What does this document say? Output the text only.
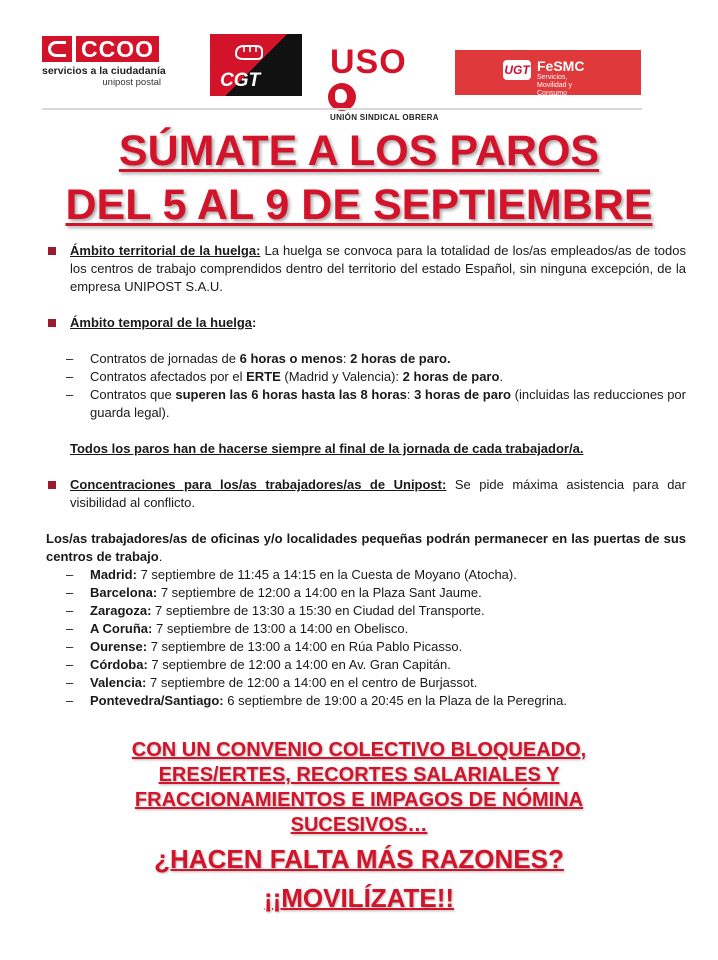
CCOO
servicios a la ciudadanía
unipost postal	CGT USO
UNIÓN SINDICAL OBRERA
UGT FeSMC
Servicios, Movilidad y Consumo
SÚMATE A LOS PAROS
DEL 5 AL 9 DE SEPTIEMBRE
Ámbito territorial de la huelga: La huelga se convoca para la totalidad de los/as empleados/as de todos los centros de trabajo comprendidos dentro del territorio del estado Español, sin ninguna excepción, de la empresa UNIPOST S.A.U.
Ámbito temporal de la huelga:
– Contratos de jornadas de 6 horas o menos: 2 horas de paro.
– Contratos afectados por el ERTE (Madrid y Valencia): 2 horas de paro.
– Contratos que superen las 6 horas hasta las 8 horas: 3 horas de paro (incluidas las reducciones por guarda legal).
Todos los paros han de hacerse siempre al final de la jornada de cada trabajador/a.
Concentraciones para los/as trabajadores/as de Unipost: Se pide máxima asistencia para dar visibilidad al conflicto.
Los/as trabajadores/as de oficinas y/o localidades pequeñas podrán permanecer en las puertas de sus centros de trabajo.
– Madrid: 7 septiembre de 11:45 a 14:15 en la Cuesta de Moyano (Atocha).
– Barcelona: 7 septiembre de 12:00 a 14:00 en la Plaza Sant Jaume.
– Zaragoza: 7 septiembre de 13:30 a 15:30 en Ciudad del Transporte.
– A Coruña: 7 septiembre de 13:00 a 14:00 en Obelisco.
– Ourense: 7 septiembre de 13:00 a 14:00 en Rúa Pablo Picasso.
– Córdoba: 7 septiembre de 12:00 a 14:00 en Av. Gran Capitán.
– Valencia: 7 septiembre de 12:00 a 14:00 en el centro de Burjassot.
– Pontevedra/Santiago: 6 septiembre de 19:00 a 20:45 en la Plaza de la Peregrina.
CON UN CONVENIO COLECTIVO BLOQUEADO,
ERES/ERTES, RECORTES SALARIALES Y
FRACCIONAMIENTOS E IMPAGOS DE NÓMINA
SUCESIVOS…
¿HACEN FALTA MÁS RAZONES?
¡¡MOVILÍZATE!!
